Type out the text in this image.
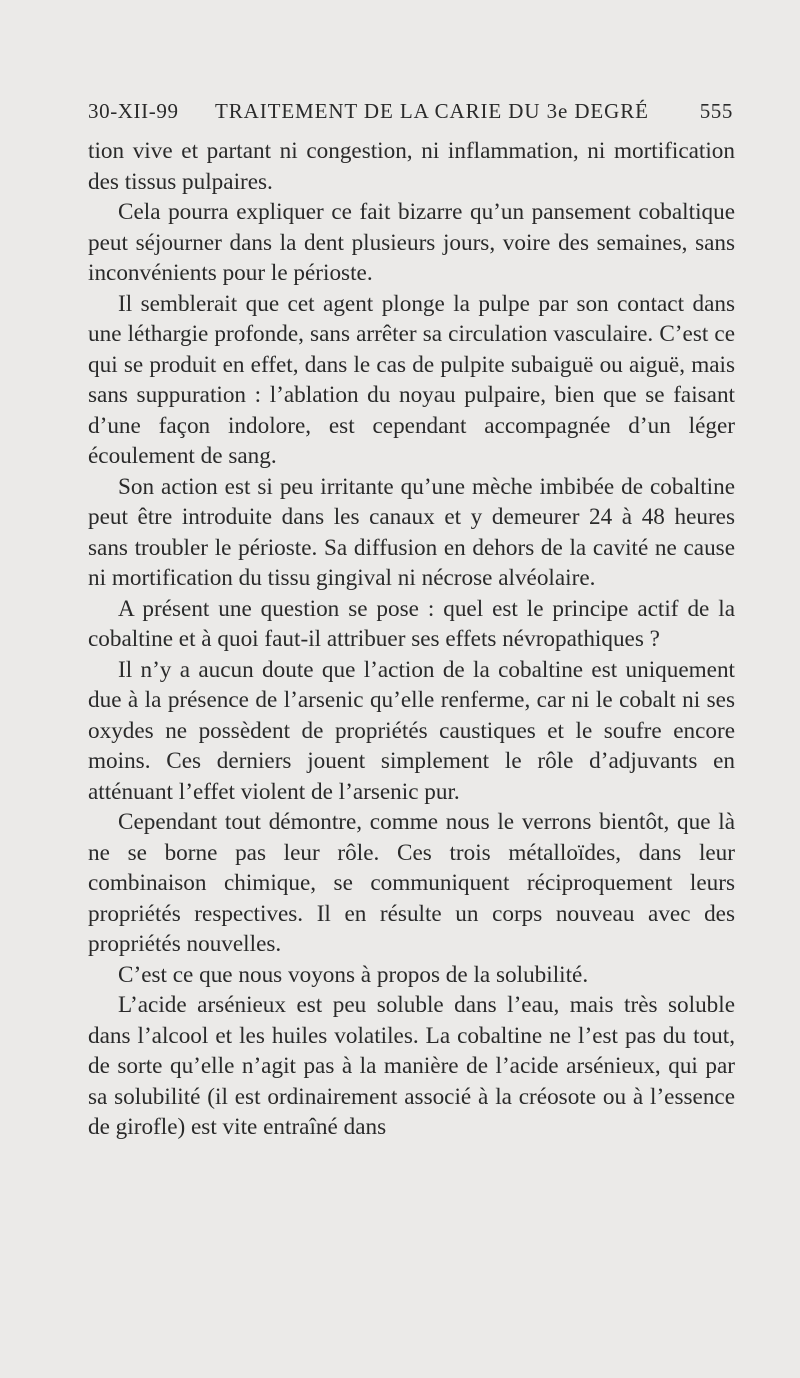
30-XII-99 TRAITEMENT DE LA CARIE DU 3e DEGRÉ 555

tion vive et partant ni congestion, ni inflammation, ni mortification des tissus pulpaires.

Cela pourra expliquer ce fait bizarre qu’un pansement cobaltique peut séjourner dans la dent plusieurs jours, voire des semaines, sans inconvénients pour le périoste.

Il semblerait que cet agent plonge la pulpe par son contact dans une léthargie profonde, sans arrêter sa circulation vasculaire. C’est ce qui se produit en effet, dans le cas de pulpite subaiguë ou aiguë, mais sans suppuration : l’ablation du noyau pulpaire, bien que se faisant d’une façon indolore, est cependant accompagnée d’un léger écoulement de sang.

Son action est si peu irritante qu’une mèche imbibée de cobaltine peut être introduite dans les canaux et y demeurer 24 à 48 heures sans troubler le périoste. Sa diffusion en dehors de la cavité ne cause ni mortification du tissu gingival ni nécrose alvéolaire.

A présent une question se pose : quel est le principe actif de la cobaltine et à quoi faut-il attribuer ses effets névropathiques ?

Il n’y a aucun doute que l’action de la cobaltine est uniquement due à la présence de l’arsenic qu’elle renferme, car ni le cobalt ni ses oxydes ne possèdent de propriétés caustiques et le soufre encore moins. Ces derniers jouent simplement le rôle d’adjuvants en atténuant l’effet violent de l’arsenic pur.

Cependant tout démontre, comme nous le verrons bientôt, que là ne se borne pas leur rôle. Ces trois métalloïdes, dans leur combinaison chimique, se communiquent réciproquement leurs propriétés respectives. Il en résulte un corps nouveau avec des propriétés nouvelles.

C’est ce que nous voyons à propos de la solubilité.

L’acide arsénieux est peu soluble dans l’eau, mais très soluble dans l’alcool et les huiles volatiles. La cobaltine ne l’est pas du tout, de sorte qu’elle n’agit pas à la manière de l’acide arsénieux, qui par sa solubilité (il est ordinairement associé à la créosote ou à l’essence de girofle) est vite entraîné dans
